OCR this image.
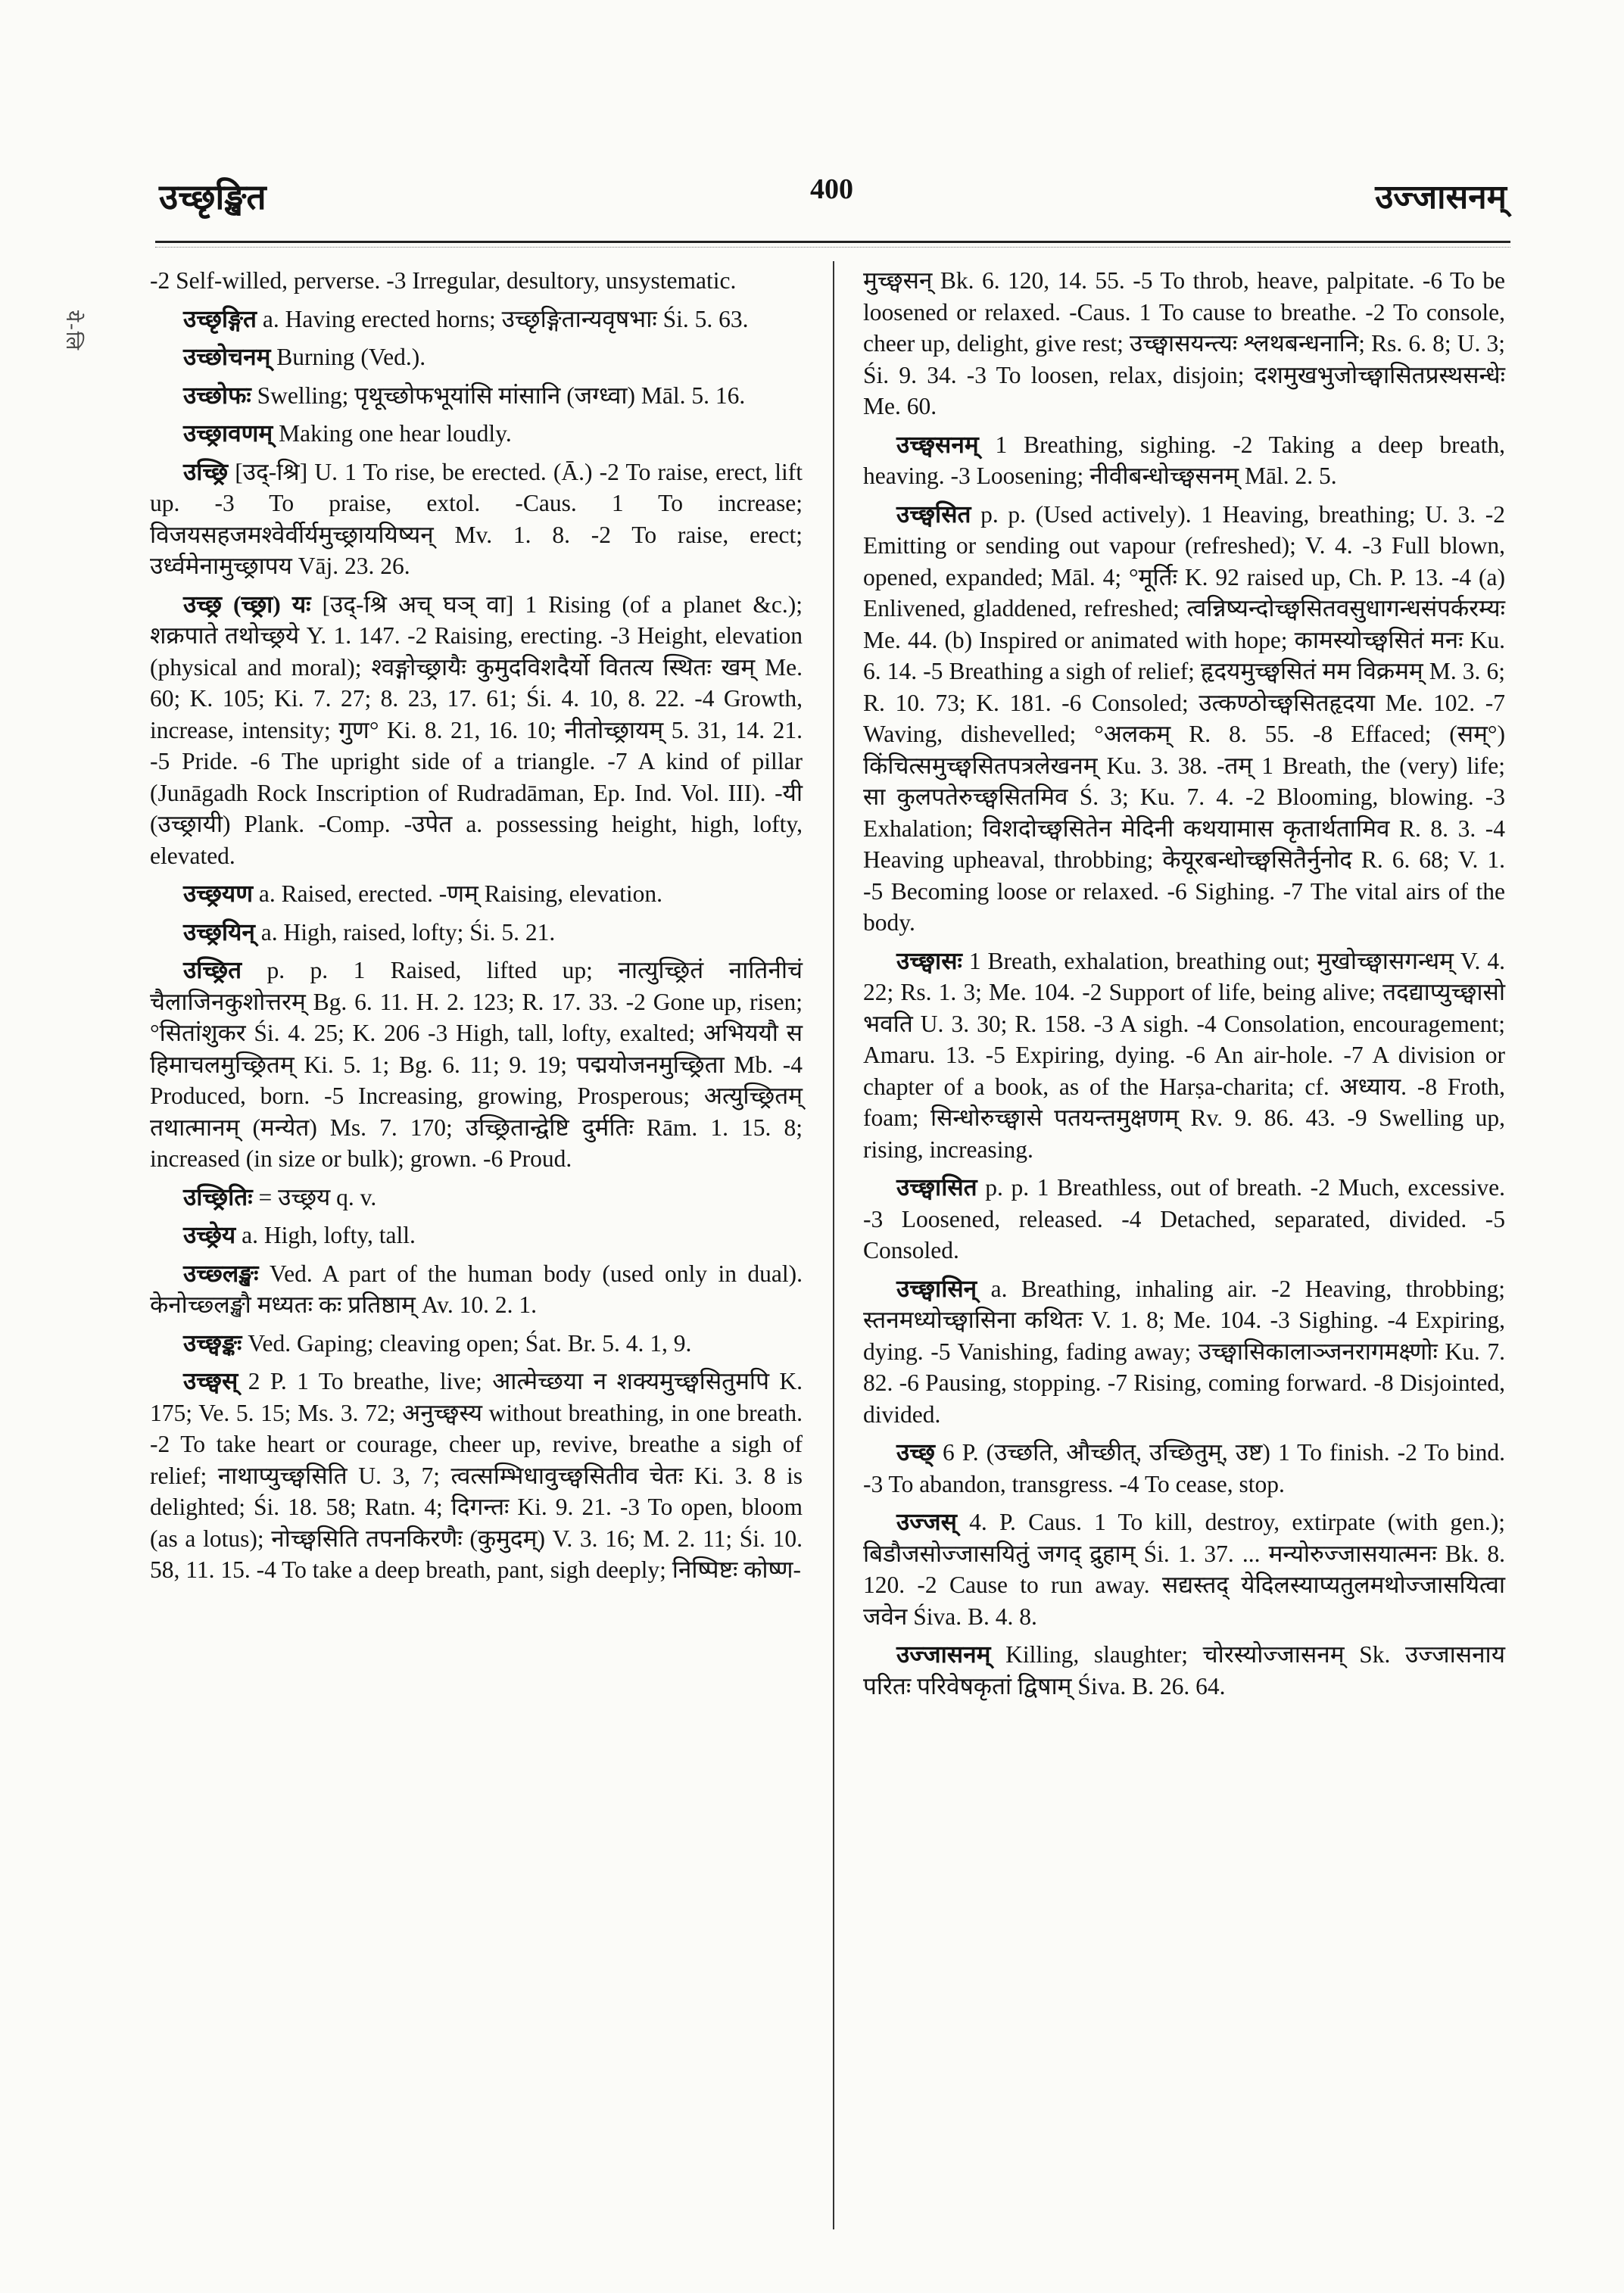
उच्छृङ्खित	400	उज्जासनम्
ये-लि

-2 Self-willed, perverse. -3 Irregular, desultory, unsystematic.

उच्छृङ्गित a. Having erected horns; उच्छृङ्गितान्यवृषभाः Śi. 5. 63.

उच्छोचनम् Burning (Ved.).

उच्छोफः Swelling; पृथूच्छोफभूयांसि मांसानि (जग्ध्वा) Māl. 5. 16.

उच्छ्रावणम् Making one hear loudly.

उच्छ्रि [उद्-श्रि] U. 1 To rise, be erected. (Ā.) -2 To raise, erect, lift up. -3 To praise, extol. -Caus. 1 To increase; विजयसहजमश्वेर्वीर्यमुच्छ्राययिष्यन् Mv. 1. 8. -2 To raise, erect; उर्ध्वमेनामुच्छ्रापय Vāj. 23. 26.

उच्छ्र (च्छ्रा) यः [उद्-श्रि अच् घञ् वा] 1 Rising (of a planet &c.); शक्रपाते तथोच्छ्रये Y. 1. 147. -2 Raising, erecting. -3 Height, elevation (physical and moral); श्वङ्गोच्छ्रायैः कुमुदविशदैर्यो वितत्य स्थितः खम् Me. 60; K. 105; Ki. 7. 27; 8. 23, 17. 61; Śi. 4. 10, 8. 22. -4 Growth, increase, intensity; गुण° Ki. 8. 21, 16. 10; नीतोच्छ्रायम् 5. 31, 14. 21. -5 Pride. -6 The upright side of a triangle. -7 A kind of pillar (Junāgadh Rock Inscription of Rudradāman, Ep. Ind. Vol. III). -यी (उच्छ्रायी) Plank. -Comp. -उपेत a. possessing height, high, lofty, elevated.

उच्छ्रयण a. Raised, erected. -णम् Raising, elevation.

उच्छ्रयिन् a. High, raised, lofty; Śi. 5. 21.

उच्छ्रित p. p. 1 Raised, lifted up; नात्युच्छ्रितं नातिनीचं चैलाजिनकुशोत्तरम् Bg. 6. 11. H. 2. 123; R. 17. 33. -2 Gone up, risen; °सितांशुकर Śi. 4. 25; K. 206 -3 High, tall, lofty, exalted; अभिययौ स हिमाचलमुच्छ्रितम् Ki. 5. 1; Bg. 6. 11; 9. 19; पद्मयोजनमुच्छ्रिता Mb. -4 Produced, born. -5 Increasing, growing, Prosperous; अत्युच्छ्रितम् तथात्मानम् (मन्येत) Ms. 7. 170; उच्छ्रितान्द्वेष्टि दुर्मतिः Rām. 1. 15. 8; increased (in size or bulk); grown. -6 Proud.

उच्छ्रितिः = उच्छ्रय q. v.

उच्छ्रेय a. High, lofty, tall.

उच्छ्लङ्खः Ved. A part of the human body (used only in dual). केनोच्छ्लङ्खौ मध्यतः कः प्रतिष्ठाम् Av. 10. 2. 1.

उच्छ्वङ्कः Ved. Gaping; cleaving open; Śat. Br. 5. 4. 1, 9.

उच्छ्वस् 2 P. 1 To breathe, live; आत्मेच्छया न शक्यमुच्छ्वसितुमपि K. 175; Ve. 5. 15; Ms. 3. 72; अनुच्छ्वस्य without breathing, in one breath. -2 To take heart or courage, cheer up, revive, breathe a sigh of relief; नाथाप्युच्छ्वसिति U. 3, 7; त्वत्सम्भिधावुच्छ्वसितीव चेतः Ki. 3. 8 is delighted; Śi. 18. 58; Ratn. 4; दिगन्तः Ki. 9. 21. -3 To open, bloom (as a lotus); नोच्छ्वसिति तपनकिरणैः (कुमुदम्) V. 3. 16; M. 2. 11; Śi. 10. 58, 11. 15. -4 To take a deep breath, pant, sigh deeply; निष्पिष्टः कोष्ण-

मुच्छ्वसन् Bk. 6. 120, 14. 55. -5 To throb, heave, palpitate. -6 To be loosened or relaxed. -Caus. 1 To cause to breathe. -2 To console, cheer up, delight, give rest; उच्छ्वासयन्त्यः श्लथबन्धनानि; Rs. 6. 8; U. 3; Śi. 9. 34. -3 To loosen, relax, disjoin; दशमुखभुजोच्छ्वासितप्रस्थसन्धेः Me. 60.

उच्छ्वसनम् 1 Breathing, sighing. -2 Taking a deep breath, heaving. -3 Loosening; नीवीबन्धोच्छ्वसनम् Māl. 2. 5.

उच्छ्वसित p. p. (Used actively). 1 Heaving, breathing; U. 3. -2 Emitting or sending out vapour (refreshed); V. 4. -3 Full blown, opened, expanded; Māl. 4; °मूर्तिः K. 92 raised up, Ch. P. 13. -4 (a) Enlivened, gladdened, refreshed; त्वन्निष्यन्दोच्छ्वसितवसुधागन्धसंपर्करम्यः Me. 44. (b) Inspired or animated with hope; कामस्योच्छ्वसितं मनः Ku. 6. 14. -5 Breathing a sigh of relief; हृदयमुच्छ्वसितं मम विक्रमम् M. 3. 6; R. 10. 73; K. 181. -6 Consoled; उत्कण्ठोच्छ्वसितहृदया Me. 102. -7 Waving, dishevelled; °अलकम् R. 8. 55. -8 Effaced; (सम्°) किंचित्समुच्छ्वसितपत्रलेखनम् Ku. 3. 38. -तम् 1 Breath, the (very) life; सा कुलपतेरुच्छ्वसितमिव Ś. 3; Ku. 7. 4. -2 Blooming, blowing. -3 Exhalation; विशदोच्छ्वसितेन मेदिनी कथयामास कृतार्थतामिव R. 8. 3. -4 Heaving upheaval, throbbing; केयूरबन्धोच्छ्वसितैर्नुनोद R. 6. 68; V. 1. -5 Becoming loose or relaxed. -6 Sighing. -7 The vital airs of the body.

उच्छ्वासः 1 Breath, exhalation, breathing out; मुखोच्छ्वासगन्धम् V. 4. 22; Rs. 1. 3; Me. 104. -2 Support of life, being alive; तदद्याप्युच्छ्वासो भवति U. 3. 30; R. 158. -3 A sigh. -4 Consolation, encouragement; Amaru. 13. -5 Expiring, dying. -6 An air-hole. -7 A division or chapter of a book, as of the Harṣa-charita; cf. अध्याय. -8 Froth, foam; सिन्धोरुच्छ्वासे पतयन्तमुक्षणम् Rv. 9. 86. 43. -9 Swelling up, rising, increasing.

उच्छ्वासित p. p. 1 Breathless, out of breath. -2 Much, excessive. -3 Loosened, released. -4 Detached, separated, divided. -5 Consoled.

उच्छ्वासिन् a. Breathing, inhaling air. -2 Heaving, throbbing; स्तनमध्योच्छ्वासिना कथितः V. 1. 8; Me. 104. -3 Sighing. -4 Expiring, dying. -5 Vanishing, fading away; उच्छ्वासिकालाञ्जनरागमक्ष्णोः Ku. 7. 82. -6 Pausing, stopping. -7 Rising, coming forward. -8 Disjointed, divided.

उच्छ् 6 P. (उच्छति, औच्छीत्, उच्छितुम्, उष्ट) 1 To finish. -2 To bind. -3 To abandon, transgress. -4 To cease, stop.

उज्जस् 4. P. Caus. 1 To kill, destroy, extirpate (with gen.); बिडौजसोज्जासयितुं जगद् द्रुहाम् Śi. 1. 37. ... मन्योरुज्जासयात्मनः Bk. 8. 120. -2 Cause to run away. सद्यस्तद् येदिलस्याप्यतुलमथोज्जासयित्वा जवेन Śiva. B. 4. 8.

उज्जासनम् Killing, slaughter; चोरस्योज्जासनम् Sk. उज्जासनाय परितः परिवेषकृतां द्विषाम् Śiva. B. 26. 64.
